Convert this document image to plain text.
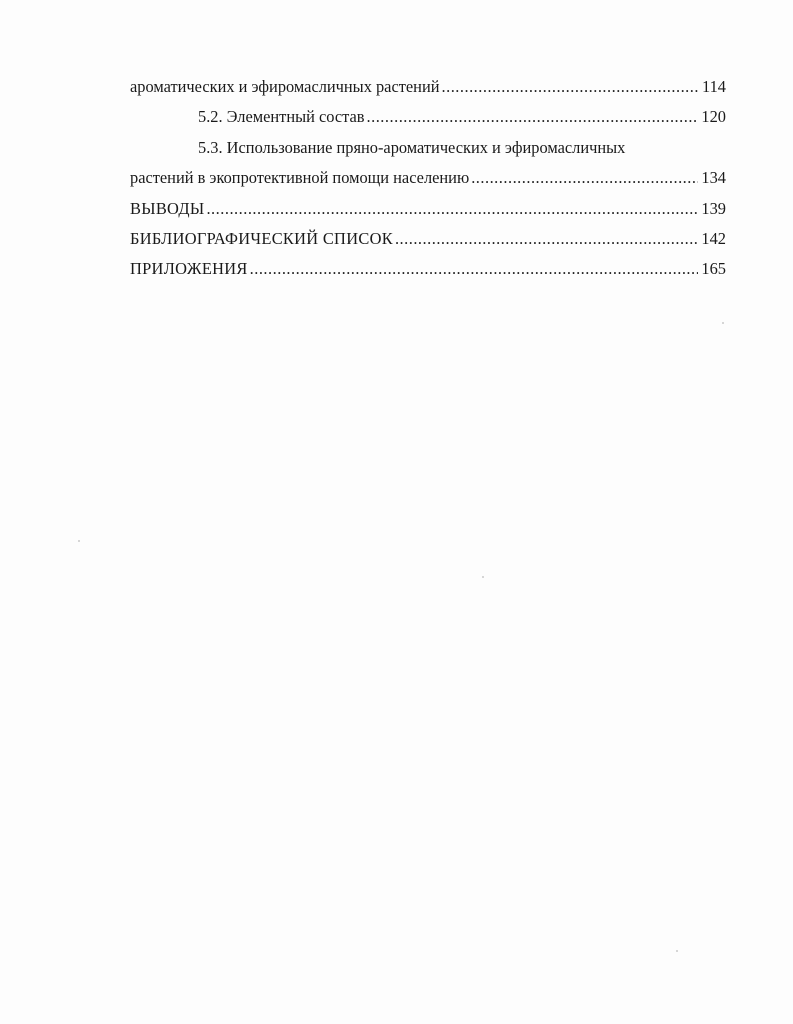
ароматических и эфиромасличных растений .....	114
5.2. Элементный состав .....	120
5.3. Использование пряно-ароматических и эфиромасличных
растений в экопротективной помощи населению .....	134
ВЫВОДЫ .....	139
БИБЛИОГРАФИЧЕСКИЙ СПИСОК .....	142
ПРИЛОЖЕНИЯ .....	165
